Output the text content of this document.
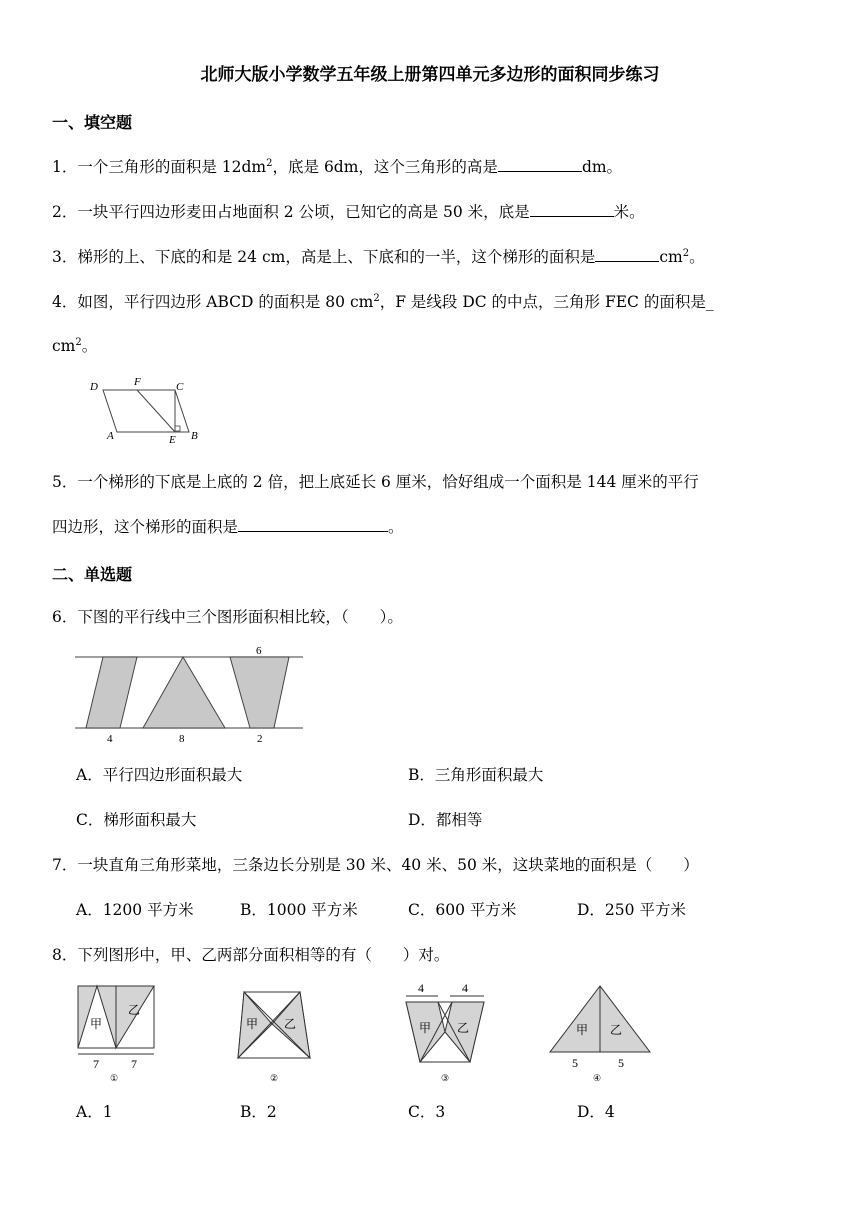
北师大版小学数学五年级上册第四单元多边形的面积同步练习
一、填空题
1．一个三角形的面积是 $12dm^2$，底是 6dm，这个三角形的高是	dm。
2．一块平行四边形麦田占地面积 2 公顷，已知它的高是 50 米，底是	米。
3．梯形的上、下底的和是 24 cm，高是上、下底和的一半，这个梯形的面积是	$cm^2$。
4．如图，平行四边形 ABCD 的面积是 80 $cm^2$，F 是线段 DC 的中点，三角形 FEC 的面积是_
$cm^2$。
D	F	C
A	E B
5．一个梯形的下底是上底的 2 倍，把上底延长 6 厘米，恰好组成一个面积是 144 厘米的平行
四边形，这个梯形的面积是	。
二、单选题
6．下图的平行线中三个图形面积相比较，（　　）。
6
4	8	2
A．平行四边形面积最大	B．三角形面积最大
C．梯形面积最大	D．都相等
7．一块直角三角形菜地，三条边长分别是 30 米、40 米、50 米，这块菜地的面积是（　　）
A．1200 平方米	B．1000 平方米	C．600 平方米	D．250 平方米
8．下列图形中，甲、乙两部分面积相等的有（　　）对。
甲
乙
7	7
①
甲 乙
②
4	4
甲 乙
③
甲 乙
5	5
④
A．1	B．2	C．3	D．4
